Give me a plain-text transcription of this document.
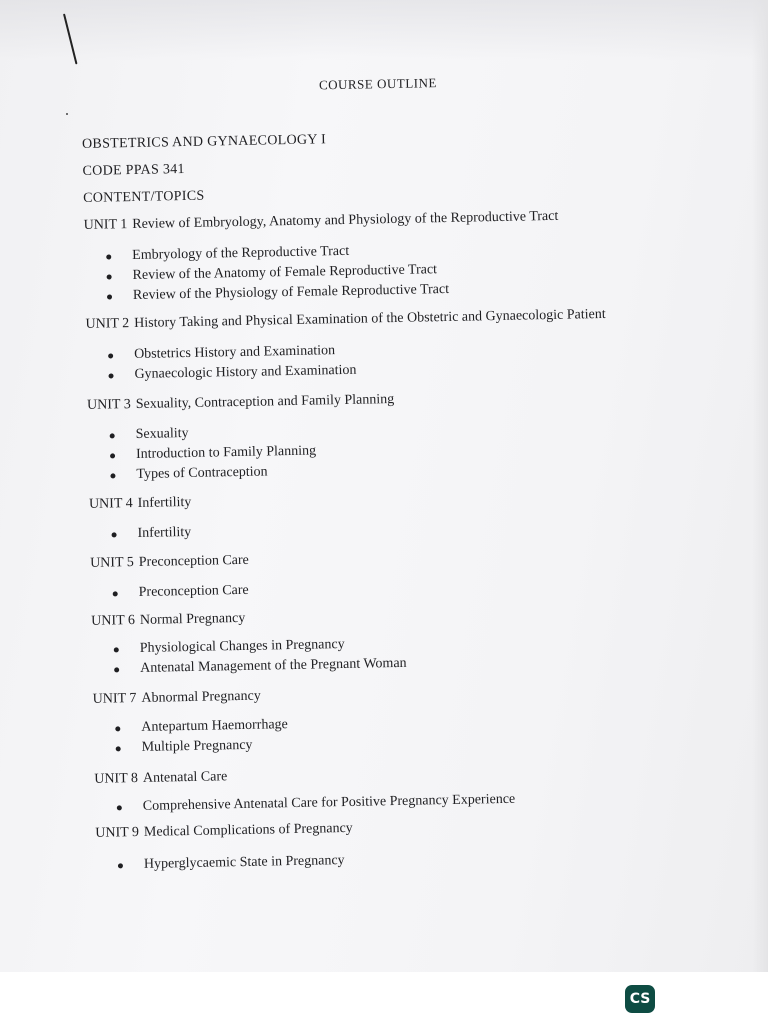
COURSE OUTLINE
OBSTETRICS AND GYNAECOLOGY I
CODE PPAS 341
CONTENT/TOPICS
UNIT 1 Review of Embryology, Anatomy and Physiology of the Reproductive Tract
Embryology of the Reproductive Tract
Review of the Anatomy of Female Reproductive Tract
Review of the Physiology of Female Reproductive Tract
UNIT 2 History Taking and Physical Examination of the Obstetric and Gynaecologic Patient
Obstetrics History and Examination
Gynaecologic History and Examination
UNIT 3 Sexuality, Contraception and Family Planning
Sexuality
Introduction to Family Planning
Types of Contraception
UNIT 4 Infertility
Infertility
UNIT 5 Preconception Care
Preconception Care
UNIT 6 Normal Pregnancy
Physiological Changes in Pregnancy
Antenatal Management of the Pregnant Woman
UNIT 7 Abnormal Pregnancy
Antepartum Haemorrhage
Multiple Pregnancy
UNIT 8 Antenatal Care
Comprehensive Antenatal Care for Positive Pregnancy Experience
UNIT 9 Medical Complications of Pregnancy
Hyperglycaemic State in Pregnancy
CS
